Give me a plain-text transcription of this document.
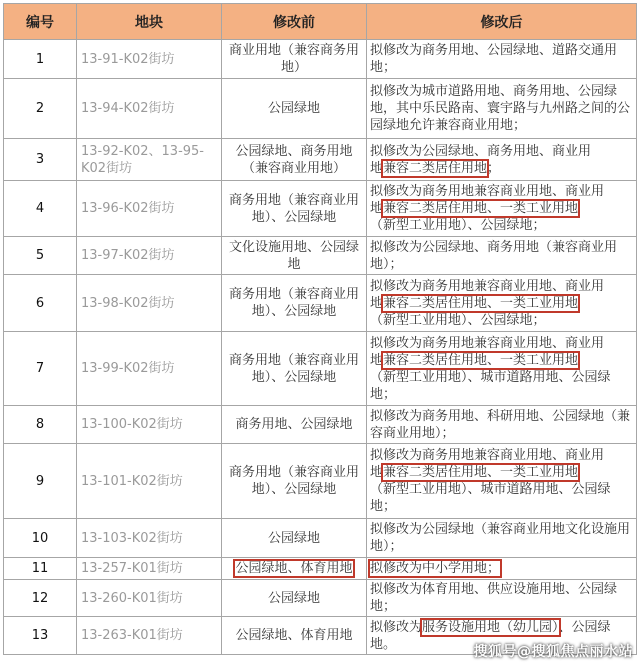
编号	地块	修改前	修改后
1	13-91-K02街坊	商业用地（兼容商务用地）	拟修改为商务用地、公园绿地、道路交通用地；
2	13-94-K02街坊	公园绿地	拟修改为城市道路用地、商务用地、公园绿地，其中乐民路南、寰宇路与九州路之间的公园绿地允许兼容商业用地；
3	13-92-K02、13-95-K02街坊	公园绿地、商务用地（兼容商业用地）	拟修改为公园绿地、商务用地、商业用
地兼容二类居住用地；
4	13-96-K02街坊	商务用地（兼容商业用地）、公园绿地	拟修改为商务用地兼容商业用地、商业用
地兼容二类居住用地、一类工业用地
（新型工业用地）、公园绿地；
5	13-97-K02街坊	文化设施用地、公园绿地	拟修改为公园绿地、商务用地（兼容商业用地）；
6	13-98-K02街坊	商务用地（兼容商业用地）、公园绿地	拟修改为商务用地兼容商业用地、商业用
地兼容二类居住用地、一类工业用地
（新型工业用地）、公园绿地；
7	13-99-K02街坊	商务用地（兼容商业用地）、公园绿地	拟修改为商务用地兼容商业用地、商业用
地兼容二类居住用地、一类工业用地
（新型工业用地）、城市道路用地、公园绿地；
8	13-100-K02街坊	商务用地、公园绿地	拟修改为商务用地、科研用地、公园绿地（兼容商业用地）；
9	13-101-K02街坊	商务用地（兼容商业用地）、公园绿地	拟修改为商务用地兼容商业用地、商业用
地兼容二类居住用地、一类工业用地
（新型工业用地）、城市道路用地、公园绿地；
10	13-103-K02街坊	公园绿地	拟修改为公园绿地（兼容商业用地文化设施用地）；
11	13-257-K01街坊	公园绿地、体育用地	拟修改为中小学用地；
12	13-260-K01街坊	公园绿地	拟修改为体育用地、供应设施用地、公园绿地；
13	13-263-K01街坊	公园绿地、体育用地	拟修改为服务设施用地（幼儿园）、公园绿地。	搜狐号@搜狐焦点丽水站
